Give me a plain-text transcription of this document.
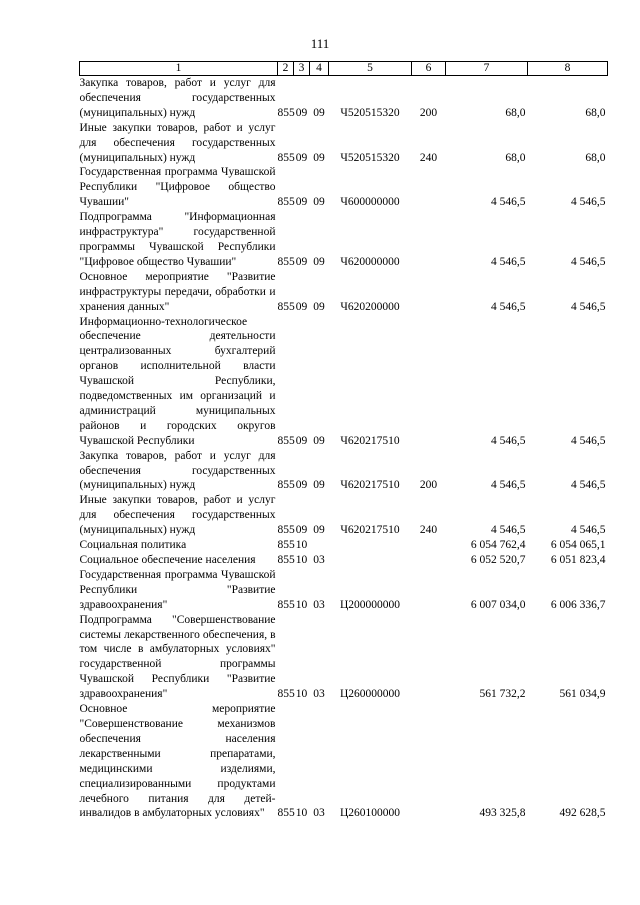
111
1	2	3	4	5	6	7	8
Закупка товаров, работ и услуг для обеспечения государственных (муниципальных) нужд	855	09	09	Ч520515320	200	68,0	68,0
Иные закупки товаров, работ и услуг для обеспечения государственных (муниципальных) нужд	855	09	09	Ч520515320	240	68,0	68,0
Государственная программа Чувашской Республики "Цифровое общество Чувашии"	855	09	09	Ч600000000		4 546,5	4 546,5
Подпрограмма "Информационная инфраструктура" государственной программы Чувашской Республики "Цифровое общество Чувашии"	855	09	09	Ч620000000		4 546,5	4 546,5
Основное мероприятие "Развитие инфраструктуры передачи, обработки и хранения данных"	855	09	09	Ч620200000		4 546,5	4 546,5
Информационно-технологическое обеспечение деятельности централизованных бухгалтерий органов исполнительной власти Чувашской Республики, подведомственных им организаций и администраций муниципальных районов и городских округов Чувашской Республики	855	09	09	Ч620217510		4 546,5	4 546,5
Закупка товаров, работ и услуг для обеспечения государственных (муниципальных) нужд	855	09	09	Ч620217510	200	4 546,5	4 546,5
Иные закупки товаров, работ и услуг для обеспечения государственных (муниципальных) нужд	855	09	09	Ч620217510	240	4 546,5	4 546,5
Социальная политика	855	10				6 054 762,4	6 054 065,1
Социальное обеспечение населения	855	10	03			6 052 520,7	6 051 823,4
Государственная программа Чувашской Республики "Развитие здравоохранения"	855	10	03	Ц200000000		6 007 034,0	6 006 336,7
Подпрограмма "Совершенствование системы лекарственного обеспечения, в том числе в амбулаторных условиях" государственной программы Чувашской Республики "Развитие здравоохранения"	855	10	03	Ц260000000		561 732,2	561 034,9
Основное мероприятие "Совершенствование механизмов обеспечения населения лекарственными препаратами, медицинскими изделиями, специализированными продуктами лечебного питания для детей-инвалидов в амбулаторных условиях"	855	10	03	Ц260100000		493 325,8	492 628,5
